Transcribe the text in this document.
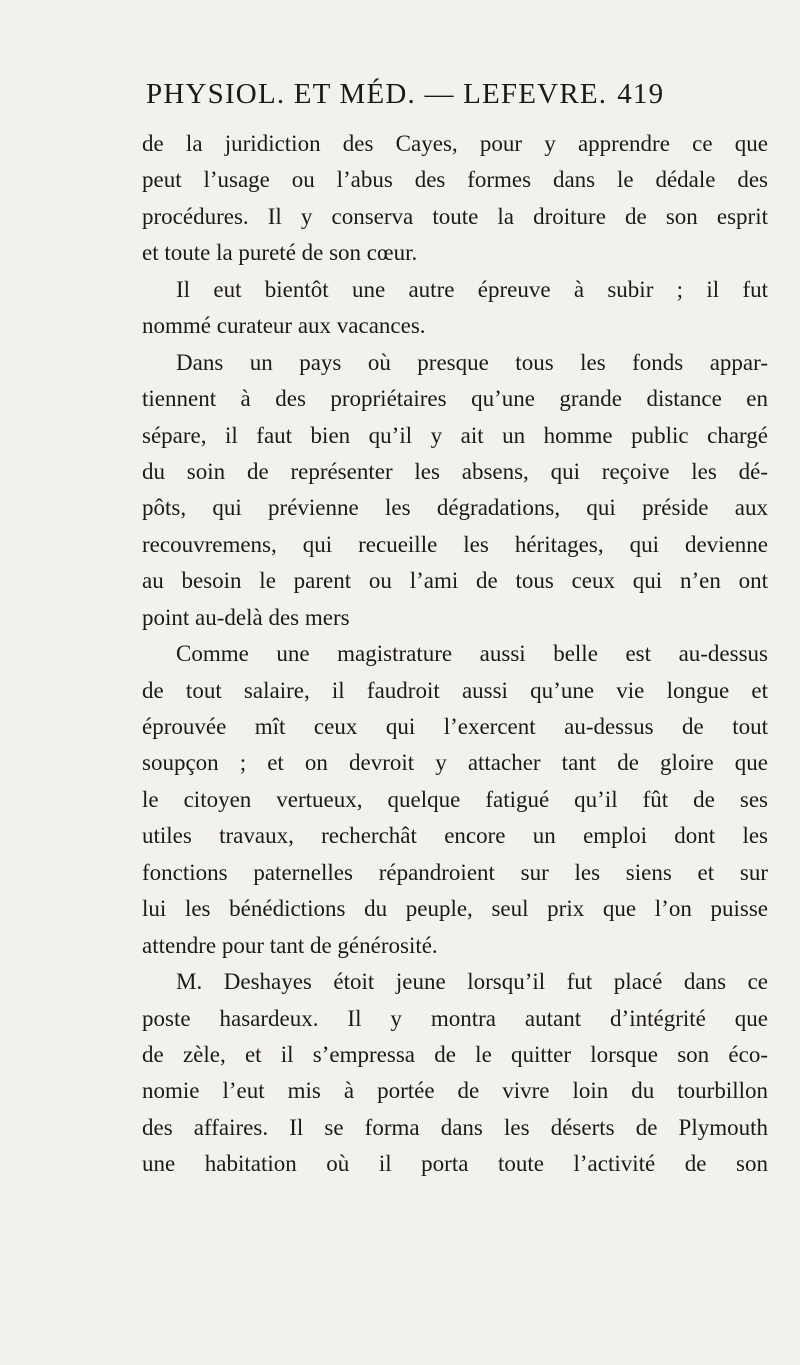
PHYSIOL. ET MÉD. — LEFEVRE. 419
de la juridiction des Cayes, pour y apprendre ce que
peut l’usage ou l’abus des formes dans le dédale des
procédures. Il y conserva toute la droiture de son esprit
et toute la pureté de son cœur.
Il eut bientôt une autre épreuve à subir ; il fut
nommé curateur aux vacances.
Dans un pays où presque tous les fonds appar-
tiennent à des propriétaires qu’une grande distance en
sépare, il faut bien qu’il y ait un homme public chargé
du soin de représenter les absens, qui reçoive les dé-
pôts, qui prévienne les dégradations, qui préside aux
recouvremens, qui recueille les héritages, qui devienne
au besoin le parent ou l’ami de tous ceux qui n’en ont
point au-delà des mers
Comme une magistrature aussi belle est au-dessus
de tout salaire, il faudroit aussi qu’une vie longue et
éprouvée mît ceux qui l’exercent au-dessus de tout
soupçon ; et on devroit y attacher tant de gloire que
le citoyen vertueux, quelque fatigué qu’il fût de ses
utiles travaux, recherchât encore un emploi dont les
fonctions paternelles répandroient sur les siens et sur
lui les bénédictions du peuple, seul prix que l’on puisse
attendre pour tant de générosité.
M. Deshayes étoit jeune lorsqu’il fut placé dans ce
poste hasardeux. Il y montra autant d’intégrité que
de zèle, et il s’empressa de le quitter lorsque son éco-
nomie l’eut mis à portée de vivre loin du tourbillon
des affaires. Il se forma dans les déserts de Plymouth
une habitation où il porta toute l’activité de son
